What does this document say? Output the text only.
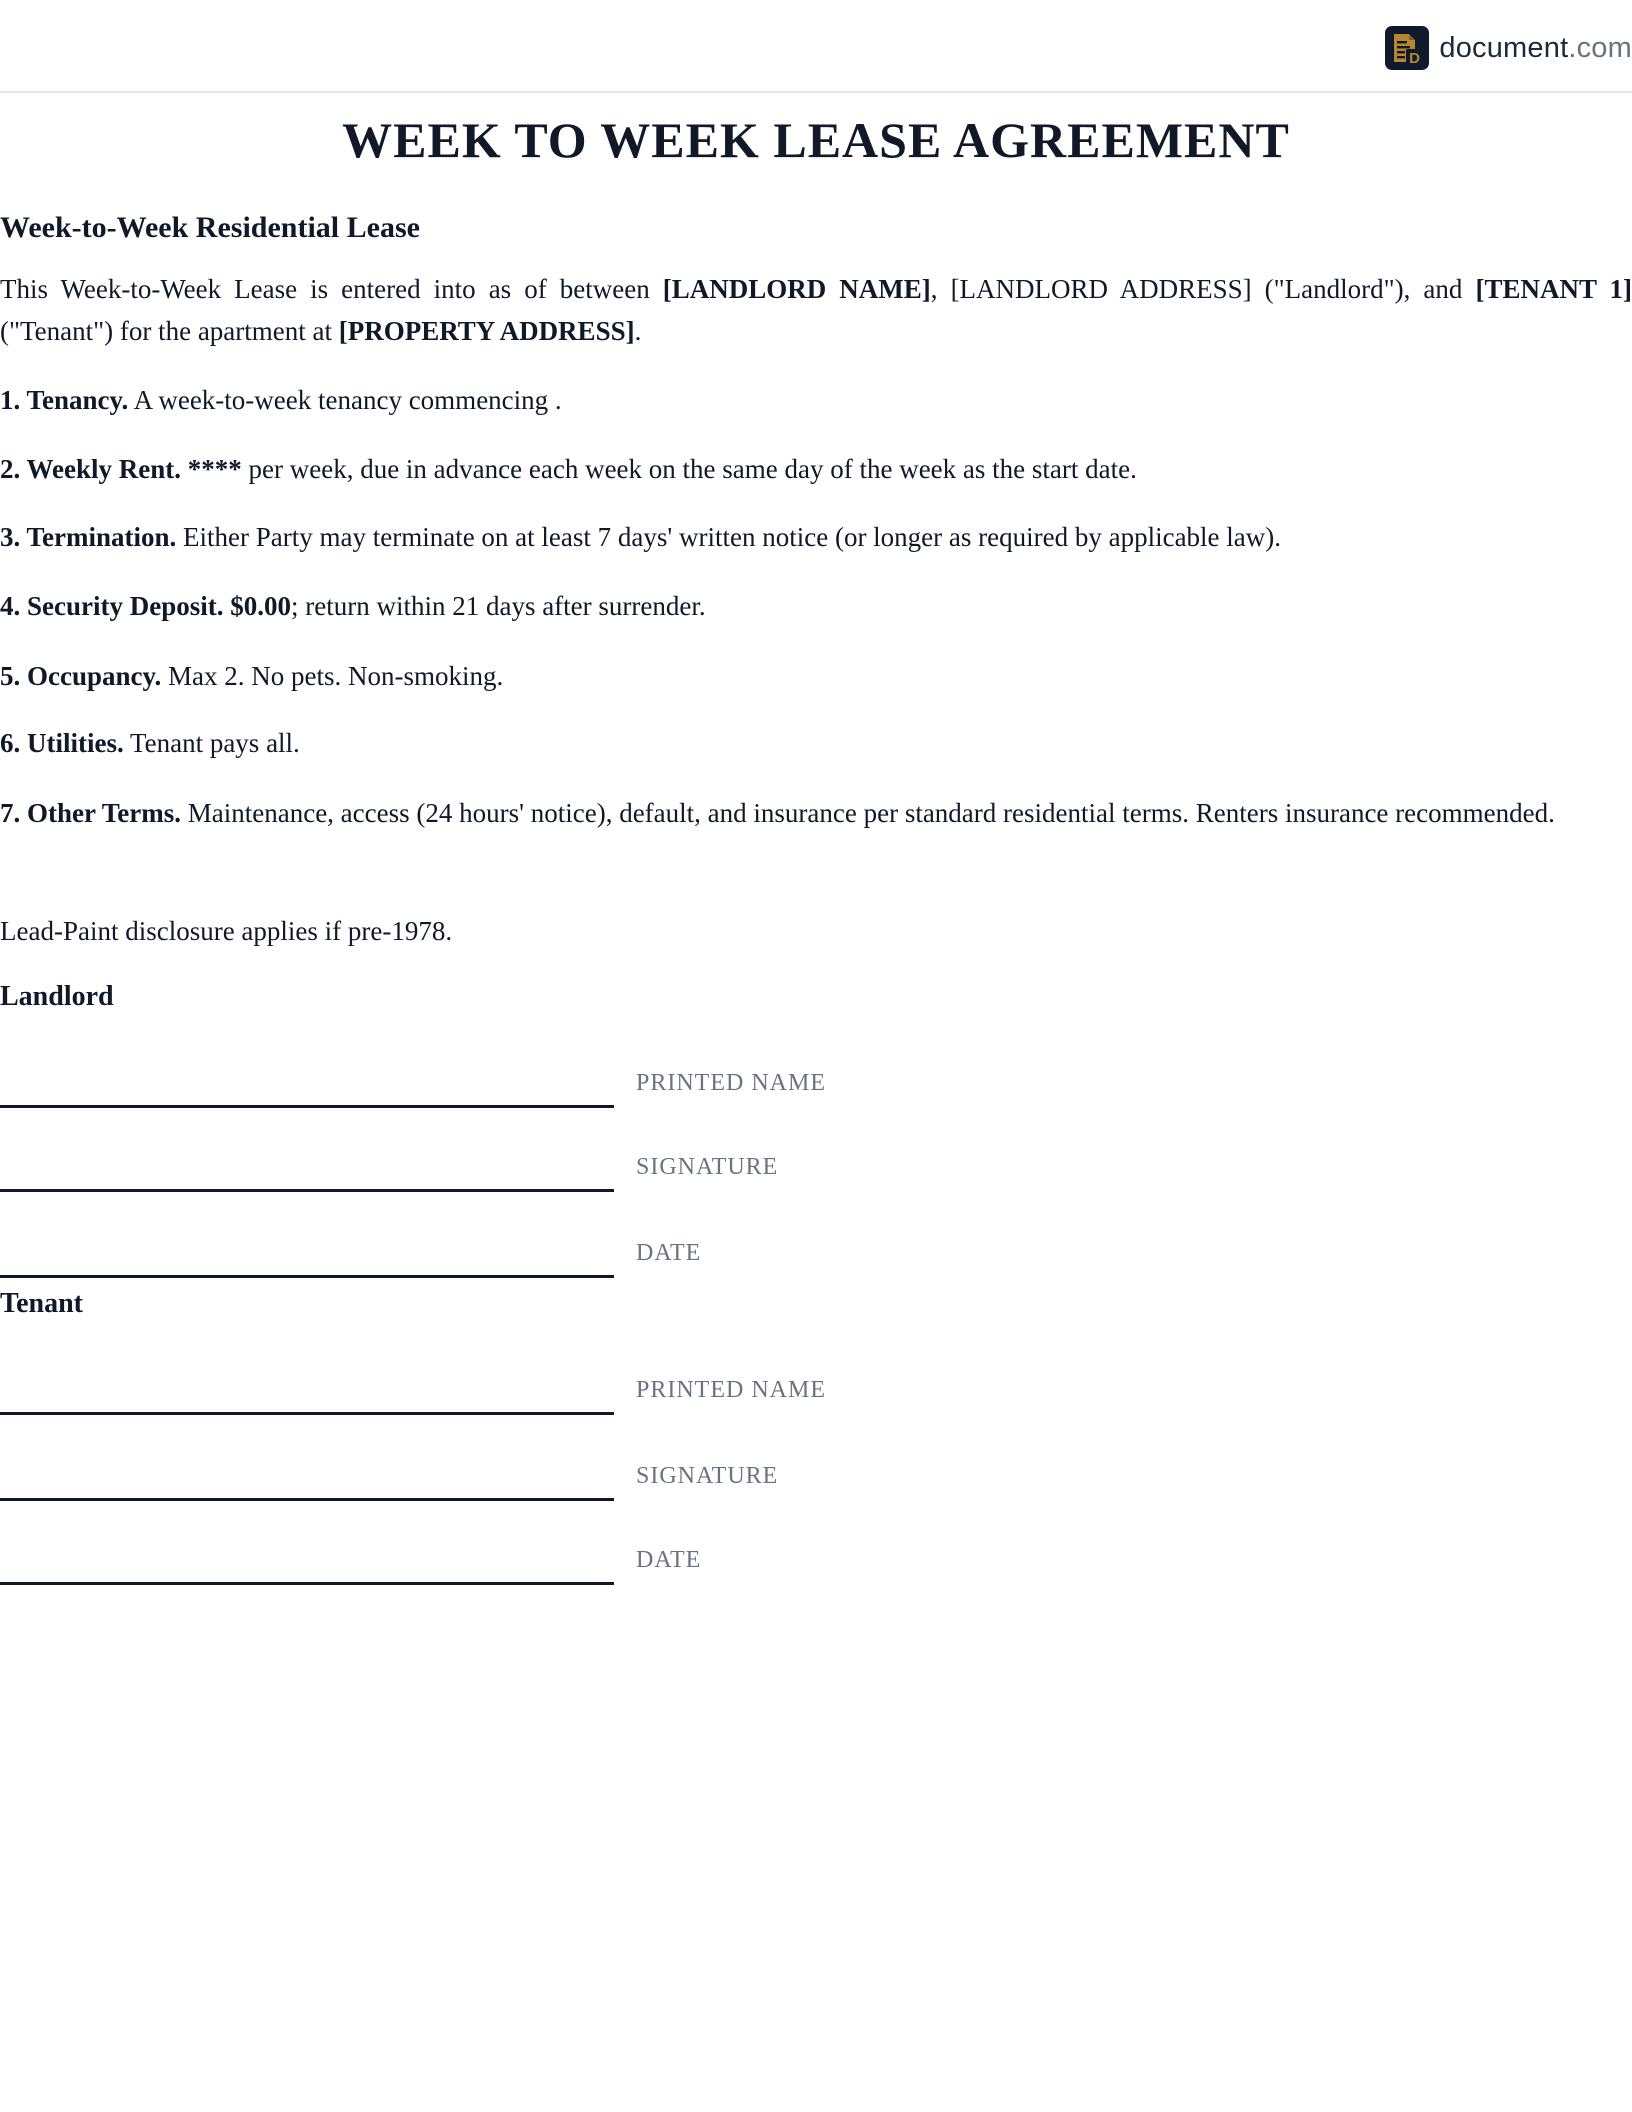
D document.com
WEEK TO WEEK LEASE AGREEMENT
Week-to-Week Residential Lease

This Week-to-Week Lease is entered into as of between [LANDLORD NAME], [LANDLORD ADDRESS] ("Landlord"), and [TENANT 1] ("Tenant") for the apartment at [PROPERTY ADDRESS].

1. Tenancy. A week-to-week tenancy commencing .

2. Weekly Rent. **** per week, due in advance each week on the same day of the week as the start date.

3. Termination. Either Party may terminate on at least 7 days' written notice (or longer as required by applicable law).

4. Security Deposit. $0.00; return within 21 days after surrender.

5. Occupancy. Max 2. No pets. Non-smoking.

6. Utilities. Tenant pays all.

7. Other Terms. Maintenance, access (24 hours' notice), default, and insurance per standard residential terms. Renters insurance recommended.

Lead-Paint disclosure applies if pre-1978.

Landlord
PRINTED NAME
SIGNATURE
DATE
Tenant
PRINTED NAME
SIGNATURE
DATE
